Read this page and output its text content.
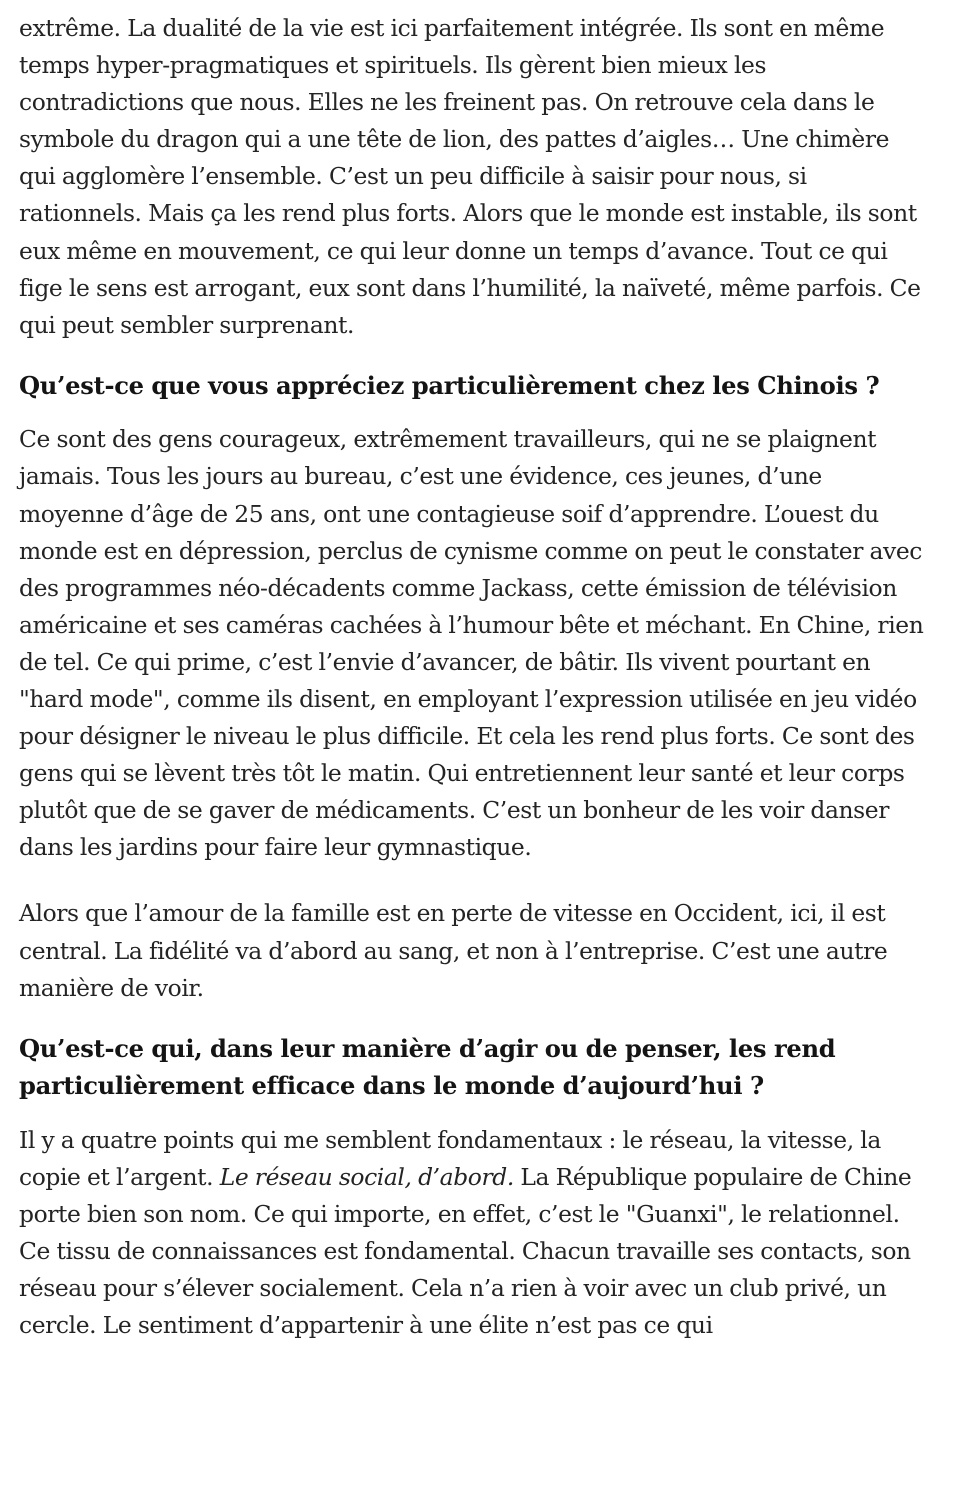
extrême. La dualité de la vie est ici parfaitement intégrée. Ils sont en même temps hyper-pragmatiques et spirituels. Ils gèrent bien mieux les contradictions que nous. Elles ne les freinent pas. On retrouve cela dans le symbole du dragon qui a une tête de lion, des pattes d’aigles… Une chimère qui agglomère l’ensemble. C’est un peu difficile à saisir pour nous, si rationnels. Mais ça les rend plus forts. Alors que le monde est instable, ils sont eux même en mouvement, ce qui leur donne un temps d’avance. Tout ce qui fige le sens est arrogant, eux sont dans l’humilité, la naïveté, même parfois. Ce qui peut sembler surprenant.

Qu’est-ce que vous appréciez particulièrement chez les Chinois ?

Ce sont des gens courageux, extrêmement travailleurs, qui ne se plaignent jamais. Tous les jours au bureau, c’est une évidence, ces jeunes, d’une moyenne d’âge de 25 ans, ont une contagieuse soif d’apprendre. L’ouest du monde est en dépression, perclus de cynisme comme on peut le constater avec des programmes néo-décadents comme Jackass, cette émission de télévision américaine et ses caméras cachées à l’humour bête et méchant. En Chine, rien de tel. Ce qui prime, c’est l’envie d’avancer, de bâtir. Ils vivent pourtant en "hard mode", comme ils disent, en employant l’expression utilisée en jeu vidéo pour désigner le niveau le plus difficile. Et cela les rend plus forts. Ce sont des gens qui se lèvent très tôt le matin. Qui entretiennent leur santé et leur corps plutôt que de se gaver de médicaments. C’est un bonheur de les voir danser dans les jardins pour faire leur gymnastique.

Alors que l’amour de la famille est en perte de vitesse en Occident, ici, il est central. La fidélité va d’abord au sang, et non à l’entreprise. C’est une autre manière de voir.

Qu’est-ce qui, dans leur manière d’agir ou de penser, les rend particulièrement efficace dans le monde d’aujourd’hui ?

Il y a quatre points qui me semblent fondamentaux : le réseau, la vitesse, la copie et l’argent. Le réseau social, d’abord. La République populaire de Chine porte bien son nom. Ce qui importe, en effet, c’est le "Guanxi", le relationnel. Ce tissu de connaissances est fondamental. Chacun travaille ses contacts, son réseau pour s’élever socialement. Cela n’a rien à voir avec un club privé, un cercle. Le sentiment d’appartenir à une élite n’est pas ce qui
